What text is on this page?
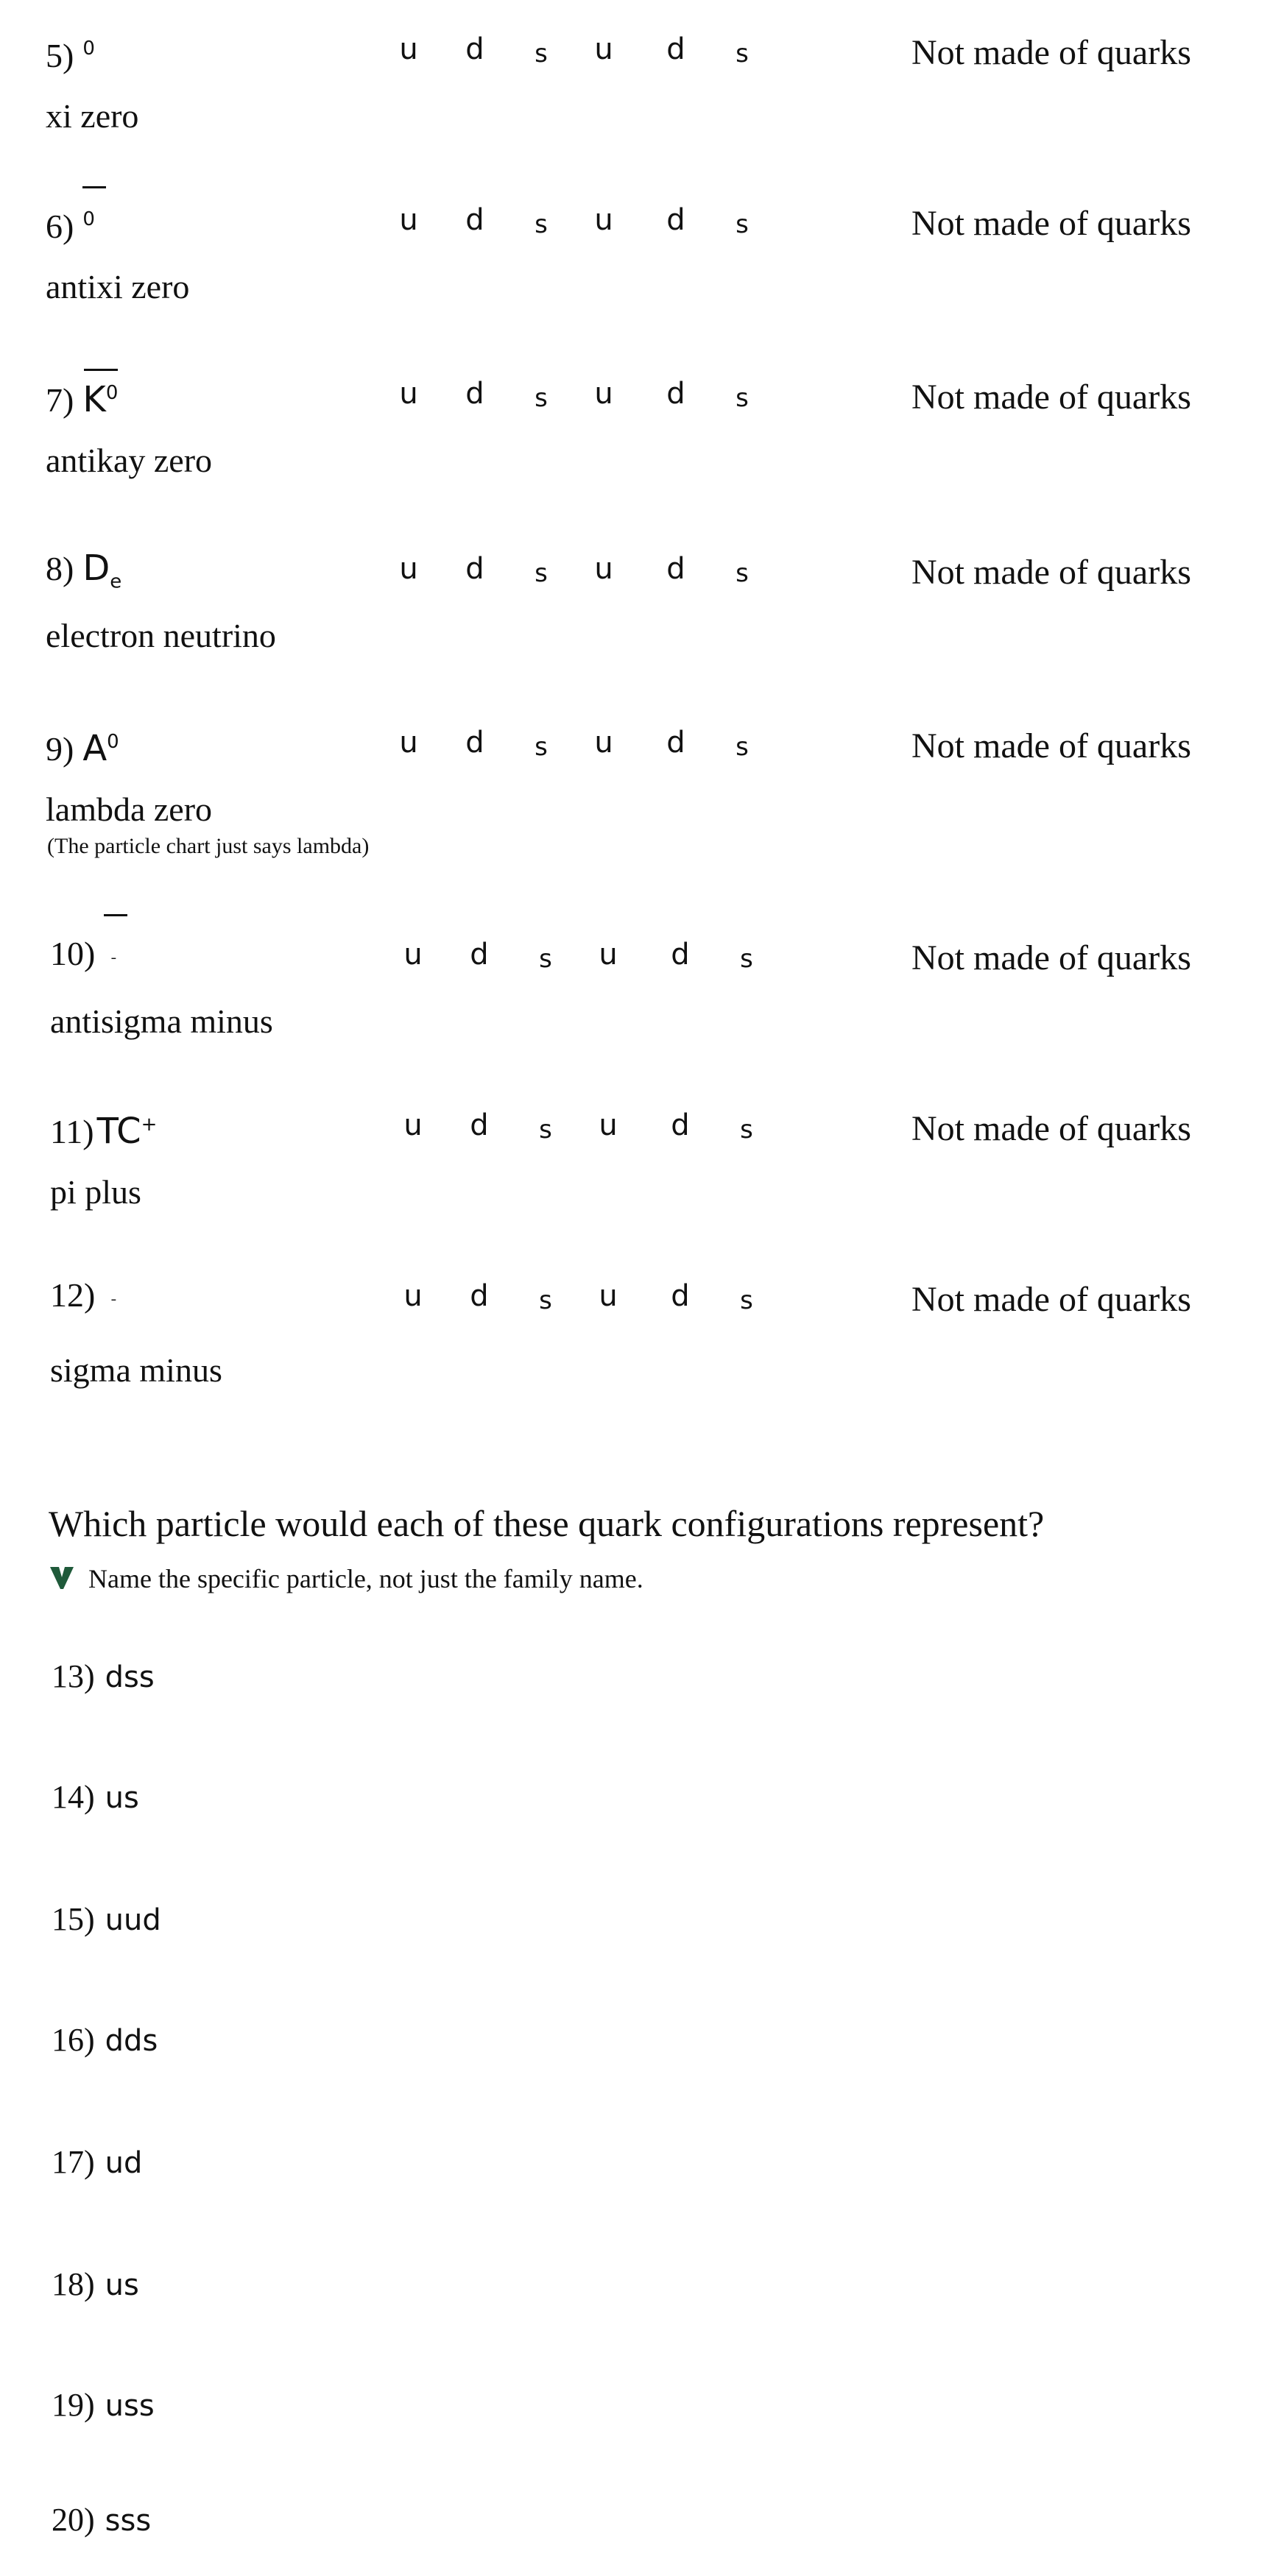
5) $^0$
xi zero
u d	s u d	s	Not made of quarks
6) $^0$
antixi zero
u d	s u d	s	Not made of quarks
7) $K^0$
antikay zero
u d	s u d	s	Not made of quarks
8) $D_e$
electron neutrino
u d	s u d	s	Not made of quarks
9) $A^0$
lambda zero
(The particle chart just says lambda)
u d	s u d	s	Not made of quarks
10) ˉ
antisigma minus
u d	s u d	s	Not made of quarks
11)TC+
pi plus
u d	s u d	s	Not made of quarks
12) ˉ
sigma minus
u d	s u d	s	Not made of quarks
Which particle would each of these quark configurations represent?
Name the specific particle, not just the family name.
13) dss
14) us
15) uud
16) dds
17) ud
18) us
19) uss
20) sss
